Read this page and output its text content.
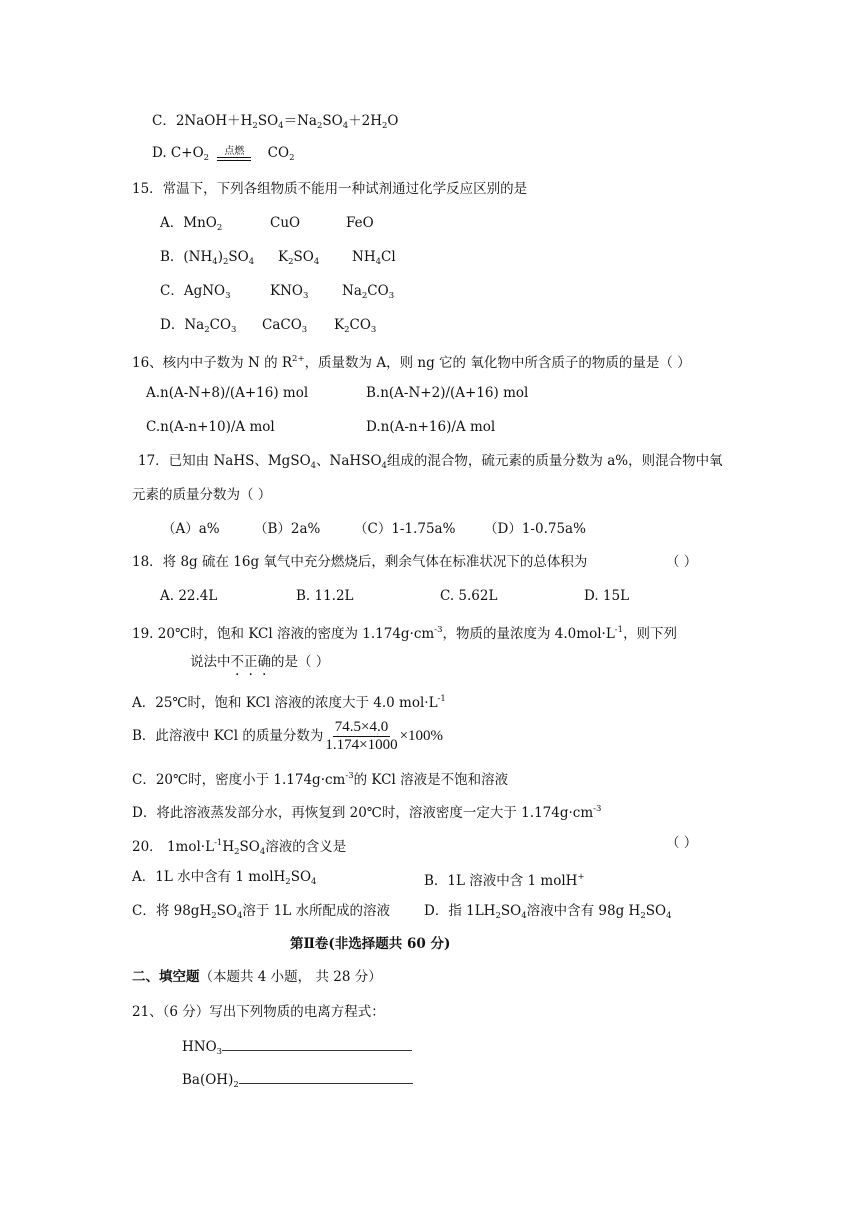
C．$2NaOH+H_2SO_4=Na_2SO_4+2H_2O$
D. $C+O_2$
点燃 $CO_2$
15．常温下，下列各组物质不能用一种试剂通过化学反应区别的是
A．MnO$_2$	CuO	FeO
B．$(NH_4)_2SO_4$ $K_2SO_4$ $NH_4Cl$
C．AgNO$_3$	$KNO_3$ $Na_2CO_3$
D．$Na_2CO_3$ CaCO$_3$ $K_2CO_3$
16、核内中子数为 N 的 $R^{2+}$，质量数为 A，则 ng 它的 氧化物中所含质子的物质的量是（ ）
A.n(A-N+8)/(A+16) mol	B.n(A-N+2)/(A+16) mol
C.n(A-n+10)/A mol	D.n(A-n+16)/A mol
17．已知由 NaHS、MgSO$_4$、NaHSO$_4$组成的混合物，硫元素的质量分数为 a%，则混合物中氧
元素的质量分数为（ ）
（A）a%	（B）2a% （C）1-1.75a% （D）1-0.75a%
18．将 8g 硫在 16g 氧气中充分燃烧后，剩余气体在标准状况下的总体积为	（ ）
A. 22.4L	B. 11.2L	C. 5.62L	D. 15L
19. 20℃时，饱和 KCl 溶液的密度为 $1.174g\cdot cm^{-3}$，物质的量浓度为 $4.0mol\cdot L^{-1}$，则下列
说法中不正确的是（ ）
A．25℃时，饱和 KCl 溶液的浓度大于 4.0 $mol\cdot L^{-1}$
B．此溶液中 KCl 的质量分数为 $\frac{74.5\times 4.0}{1.174\times 1000} \times 100\%$
C．20℃时，密度小于 $1.174g\cdot cm^{-3}$的 KCl 溶液是不饱和溶液
D．将此溶液蒸发部分水，再恢复到 20℃时，溶液密度一定大于 $1.174g\cdot cm^{-3}$
20． $1mol\cdot L^{-1}H_2SO_4$溶液的含义是	（ ）
A．1L 水中含有 1 $molH_2SO_4$	B．1L 溶液中含 1 molH+
C．将 $98gH_2SO_4$溶于 1L 水所配成的溶液	D．指 $1LH_2SO_4$溶液中含有 98g $H_2SO_4$
第Ⅱ卷(非选择题共 60 分)
二、填空题（本题共 4 小题， 共 28 分）
21、（6 分）写出下列物质的电离方程式：
$HNO_3$
$Ba(OH)_2$
